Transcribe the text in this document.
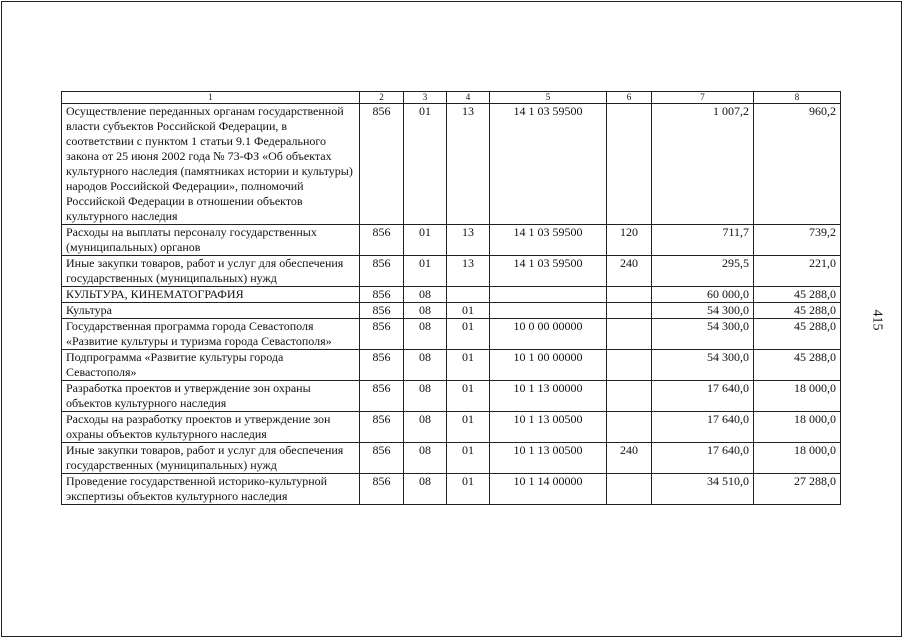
415
1	2	3	4	5	6	7	8
Осуществление переданных органам государственной власти субъектов Российской Федерации, в соответствии с пунктом 1 статьи 9.1 Федерального закона от 25 июня 2002 года № 73-ФЗ «Об объектах культурного наследия (памятниках истории и культуры) народов Российской Федерации», полномочий Российской Федерации в отношении объектов культурного наследия	856	01	13	14 1 03 59500		1 007,2	960,2
Расходы на выплаты персоналу государственных (муниципальных) органов	856	01	13	14 1 03 59500	120	711,7	739,2
Иные закупки товаров, работ и услуг для обеспечения государственных (муниципальных) нужд	856	01	13	14 1 03 59500	240	295,5	221,0
КУЛЬТУРА, КИНЕМАТОГРАФИЯ	856	08				60 000,0	45 288,0
Культура	856	08	01			54 300,0	45 288,0
Государственная программа города Севастополя «Развитие культуры и туризма города Севастополя»	856	08	01	10 0 00 00000		54 300,0	45 288,0
Подпрограмма «Развитие культуры города Севастополя»	856	08	01	10 1 00 00000		54 300,0	45 288,0
Разработка проектов и утверждение зон охраны объектов культурного наследия	856	08	01	10 1 13 00000		17 640,0	18 000,0
Расходы на разработку проектов и утверждение зон охраны объектов культурного наследия	856	08	01	10 1 13 00500		17 640,0	18 000,0
Иные закупки товаров, работ и услуг для обеспечения государственных (муниципальных) нужд	856	08	01	10 1 13 00500	240	17 640,0	18 000,0
Проведение государственной историко-культурной экспертизы объектов культурного наследия	856	08	01	10 1 14 00000		34 510,0	27 288,0
